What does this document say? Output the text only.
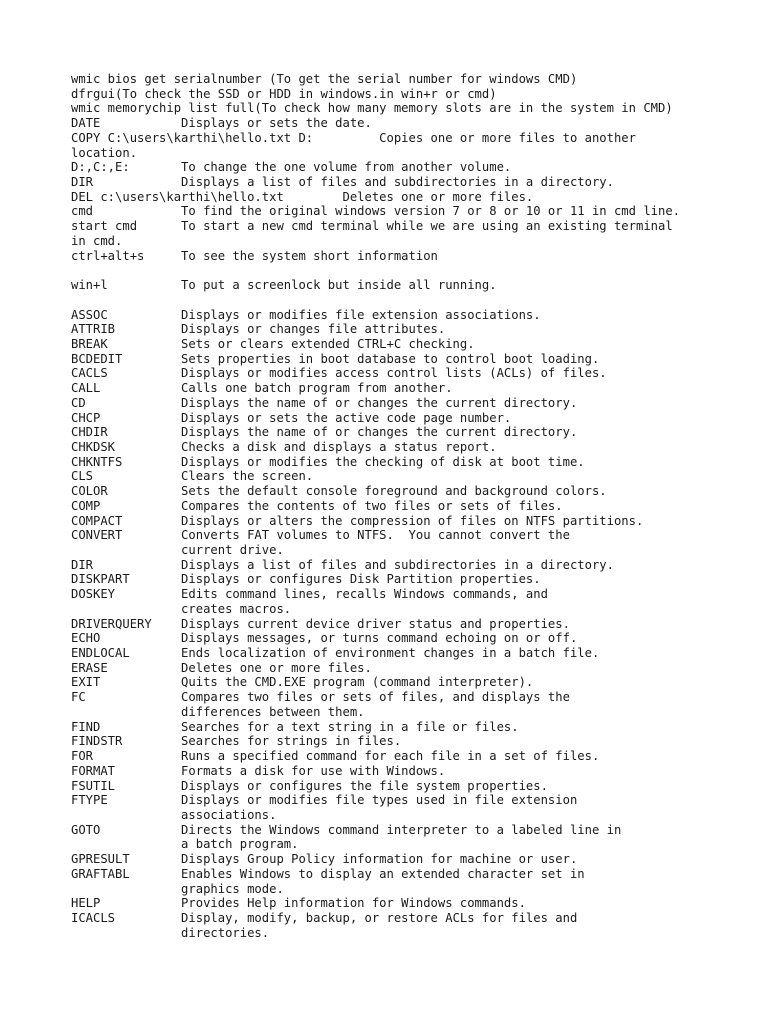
wmic bios get serialnumber (To get the serial number for windows CMD)
dfrgui(To check the SSD or HDD in windows.in win+r or cmd)
wmic memorychip list full(To check how many memory slots are in the system in CMD)
DATE           Displays or sets the date.
COPY C:\users\karthi\hello.txt D:         Copies one or more files to another
location.
D:,C:,E:       To change the one volume from another volume.
DIR            Displays a list of files and subdirectories in a directory.
DEL c:\users\karthi\hello.txt        Deletes one or more files.
cmd            To find the original windows version 7 or 8 or 10 or 11 in cmd line.
start cmd      To start a new cmd terminal while we are using an existing terminal
in cmd.
ctrl+alt+s     To see the system short information

win+l          To put a screenlock but inside all running.

ASSOC          Displays or modifies file extension associations.
ATTRIB         Displays or changes file attributes.
BREAK          Sets or clears extended CTRL+C checking.
BCDEDIT        Sets properties in boot database to control boot loading.
CACLS          Displays or modifies access control lists (ACLs) of files.
CALL           Calls one batch program from another.
CD             Displays the name of or changes the current directory.
CHCP           Displays or sets the active code page number.
CHDIR          Displays the name of or changes the current directory.
CHKDSK         Checks a disk and displays a status report.
CHKNTFS        Displays or modifies the checking of disk at boot time.
CLS            Clears the screen.
COLOR          Sets the default console foreground and background colors.
COMP           Compares the contents of two files or sets of files.
COMPACT        Displays or alters the compression of files on NTFS partitions.
CONVERT        Converts FAT volumes to NTFS.  You cannot convert the
current drive.
DIR            Displays a list of files and subdirectories in a directory.
DISKPART       Displays or configures Disk Partition properties.
DOSKEY         Edits command lines, recalls Windows commands, and
creates macros.
DRIVERQUERY    Displays current device driver status and properties.
ECHO           Displays messages, or turns command echoing on or off.
ENDLOCAL       Ends localization of environment changes in a batch file.
ERASE          Deletes one or more files.
EXIT           Quits the CMD.EXE program (command interpreter).
FC             Compares two files or sets of files, and displays the
differences between them.
FIND           Searches for a text string in a file or files.
FINDSTR        Searches for strings in files.
FOR            Runs a specified command for each file in a set of files.
FORMAT         Formats a disk for use with Windows.
FSUTIL         Displays or configures the file system properties.
FTYPE          Displays or modifies file types used in file extension
associations.
GOTO           Directs the Windows command interpreter to a labeled line in
a batch program.
GPRESULT       Displays Group Policy information for machine or user.
GRAFTABL       Enables Windows to display an extended character set in
graphics mode.
HELP           Provides Help information for Windows commands.
ICACLS         Display, modify, backup, or restore ACLs for files and
directories.
